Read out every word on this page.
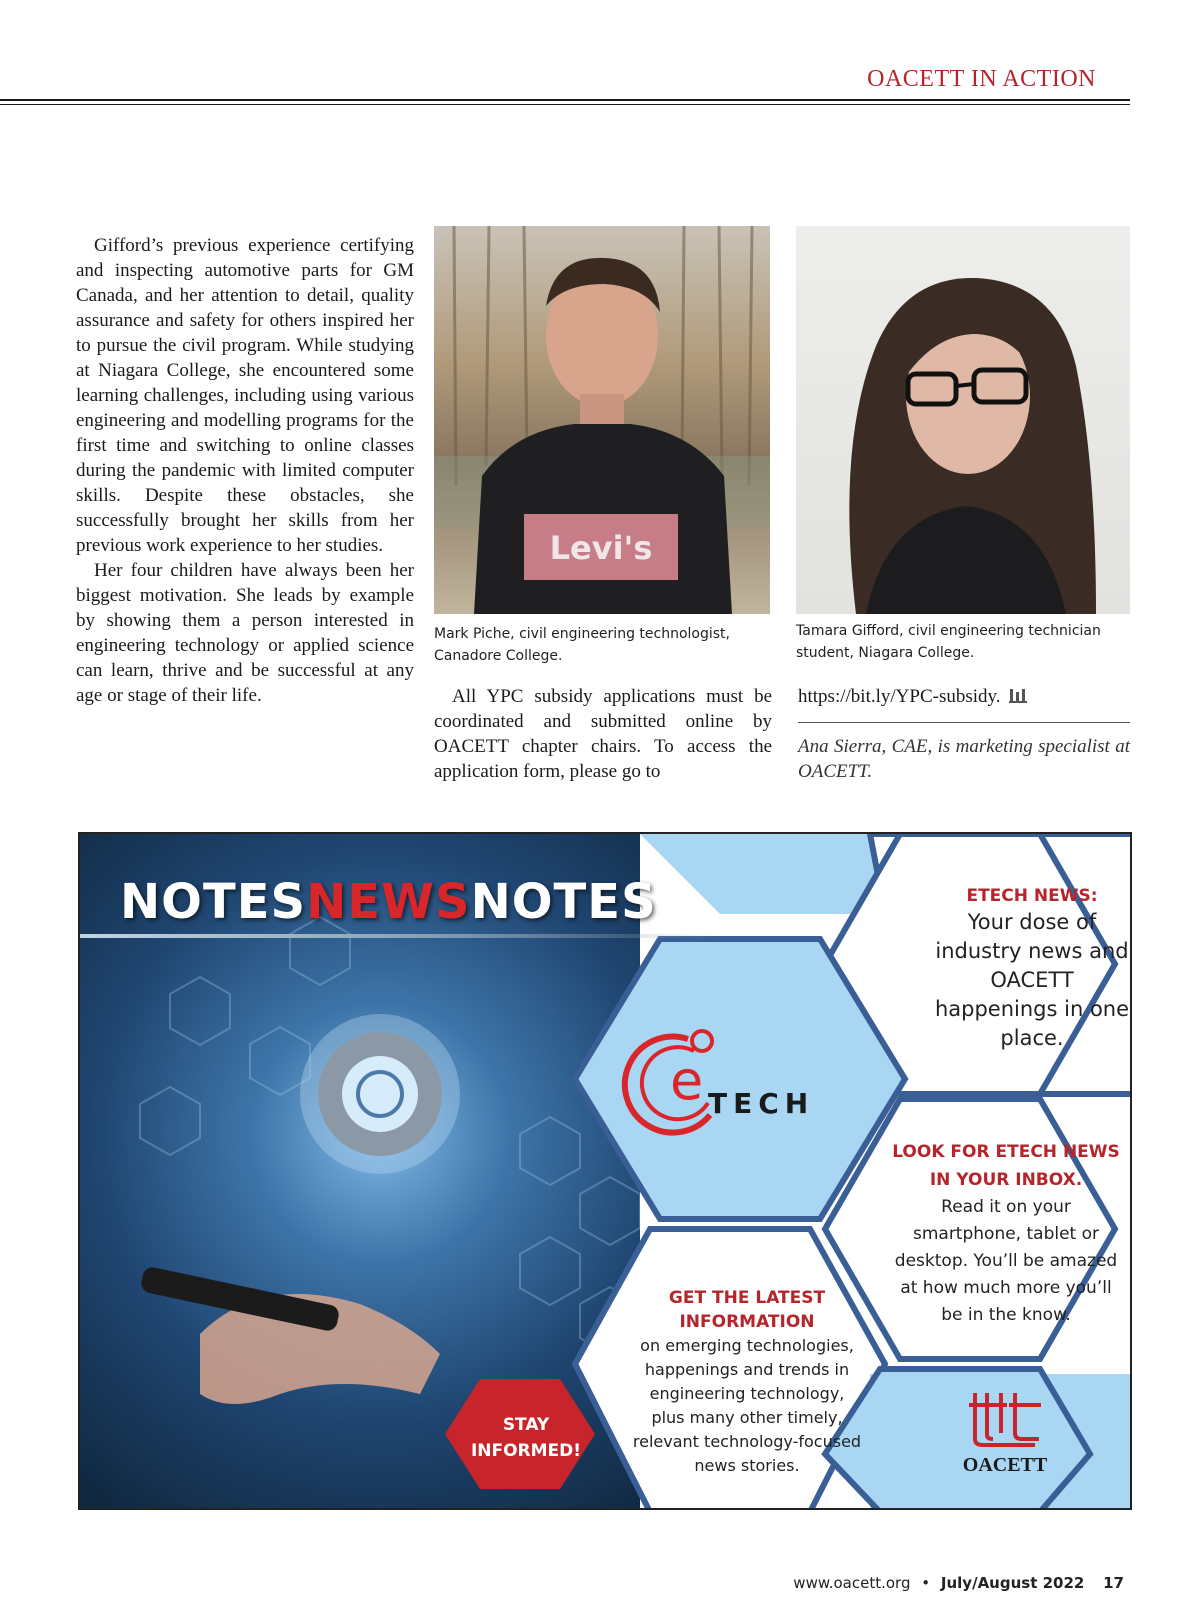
OACETT IN ACTION

Gifford’s previous experience certifying and inspecting automotive parts for GM Canada, and her attention to detail, quality assurance and safety for others inspired her to pursue the civil program. While studying at Niagara College, she encountered some learning challenges, including using various engineering and modelling programs for the first time and switching to online classes during the pandemic with limited computer skills. Despite these obstacles, she successfully brought her skills from her previous work experience to her studies.

Her four children have always been her biggest motivation. She leads by example by showing them a person interested in engineering technology or applied science can learn, thrive and be successful at any age or stage of their life.

Levi's
Mark Piche, civil engineering technologist, Canadore College.
Tamara Gifford, civil engineering technician student, Niagara College.

All YPC subsidy applications must be coordinated and submitted online by OACETT chapter chairs. To access the application form, please go to

https://bit.ly/YPC-subsidy.
Ana Sierra, CAE, is marketing specialist at OACETT.
NOTESNEWSNOTES
e TECH
ETECH NEWS:
Your dose of industry news and OACETT happenings in one place.
LOOK FOR ETECH NEWS IN YOUR INBOX.
Read it on your smartphone, tablet or desktop. You’ll be amazed at how much more you’ll be in the know.
GET THE LATEST INFORMATION
on emerging technologies, happenings and trends in engineering technology, plus many other timely, relevant technology-focused news stories.
STAY INFORMED!
OACETT
www.oacett.org • July/August 2022 17
